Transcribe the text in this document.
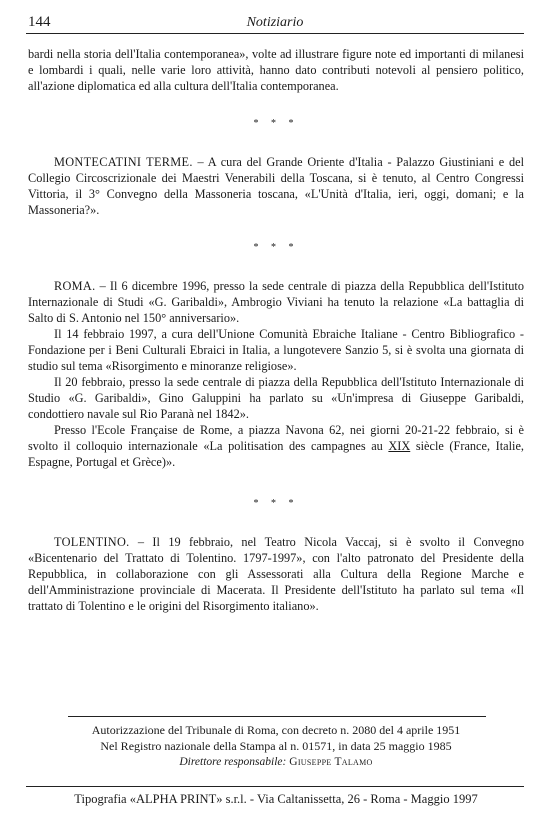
144	Notiziario

bardi nella storia dell'Italia contemporanea», volte ad illustrare figure note ed importanti di milanesi e lombardi i quali, nelle varie loro attività, hanno dato contributi notevoli al pensiero politico, all'azione diplomatica ed alla cultura dell'Italia contemporanea.

* * *

MONTECATINI TERME. – A cura del Grande Oriente d'Italia - Palazzo Giustiniani e del Collegio Circoscrizionale dei Maestri Venerabili della Toscana, si è tenuto, al Centro Congressi Vittoria, il 3° Convegno della Massoneria toscana, «L'Unità d'Italia, ieri, oggi, domani; e la Massoneria?».

* * *

ROMA. – Il 6 dicembre 1996, presso la sede centrale di piazza della Repubblica dell'Istituto Internazionale di Studi «G. Garibaldi», Ambrogio Viviani ha tenuto la relazione «La battaglia di Salto di S. Antonio nel 150° anniversario».

Il 14 febbraio 1997, a cura dell'Unione Comunità Ebraiche Italiane - Centro Bibliografico - Fondazione per i Beni Culturali Ebraici in Italia, a lungotevere Sanzio 5, si è svolta una giornata di studio sul tema «Risorgimento e minoranze religiose».

Il 20 febbraio, presso la sede centrale di piazza della Repubblica dell'Istituto Internazionale di Studio «G. Garibaldi», Gino Galuppini ha parlato su «Un'impresa di Giuseppe Garibaldi, condottiero navale sul Rio Paranà nel 1842».

Presso l'Ecole Française de Rome, a piazza Navona 62, nei giorni 20-21-22 febbraio, si è svolto il colloquio internazionale «La politisation des campagnes au XIX siècle (France, Italie, Espagne, Portugal et Grèce)».

* * *

TOLENTINO. – Il 19 febbraio, nel Teatro Nicola Vaccaj, si è svolto il Convegno «Bicentenario del Trattato di Tolentino. 1797-1997», con l'alto patronato del Presidente della Repubblica, in collaborazione con gli Assessorati alla Cultura della Regione Marche e dell'Amministrazione provinciale di Macerata. Il Presidente dell'Istituto ha parlato sul tema «Il trattato di Tolentino e le origini del Risorgimento italiano».

Autorizzazione del Tribunale di Roma, con decreto n. 2080 del 4 aprile 1951
Nel Registro nazionale della Stampa al n. 01571, in data 25 maggio 1985
Direttore responsabile: Giuseppe Talamo
Tipografia «ALPHA PRINT» s.r.l. - Via Caltanissetta, 26 - Roma - Maggio 1997
